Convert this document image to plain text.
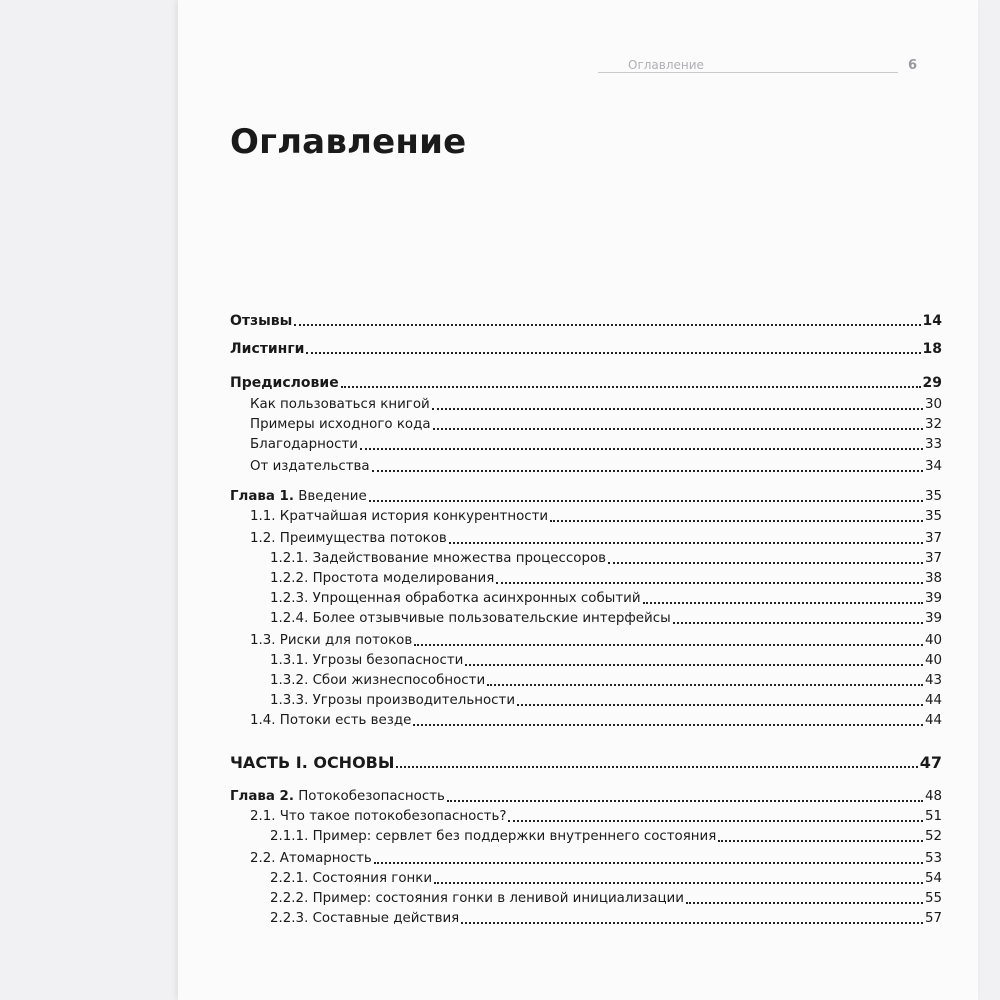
Оглавление	6
Оглавление
Отзывы	14
Листинги	18
Предисловие	29
Как пользоваться книгой	30
Примеры исходного кода	32
Благодарности	33
От издательства	34
Глава 1. Введение	35
1.1. Кратчайшая история конкурентности	35
1.2. Преимущества потоков	37
1.2.1. Задействование множества процессоров	37
1.2.2. Простота моделирования	38
1.2.3. Упрощенная обработка асинхронных событий	39
1.2.4. Более отзывчивые пользовательские интерфейсы	39
1.3. Риски для потоков	40
1.3.1. Угрозы безопасности	40
1.3.2. Сбои жизнеспособности	43
1.3.3. Угрозы производительности	44
1.4. Потоки есть везде	44
ЧАСТЬ I. ОСНОВЫ	47
Глава 2. Потокобезопасность	48
2.1. Что такое потокобезопасность?	51
2.1.1. Пример: сервлет без поддержки внутреннего состояния	52
2.2. Атомарность	53
2.2.1. Состояния гонки	54
2.2.2. Пример: состояния гонки в ленивой инициализации	55
2.2.3. Составные действия	57
